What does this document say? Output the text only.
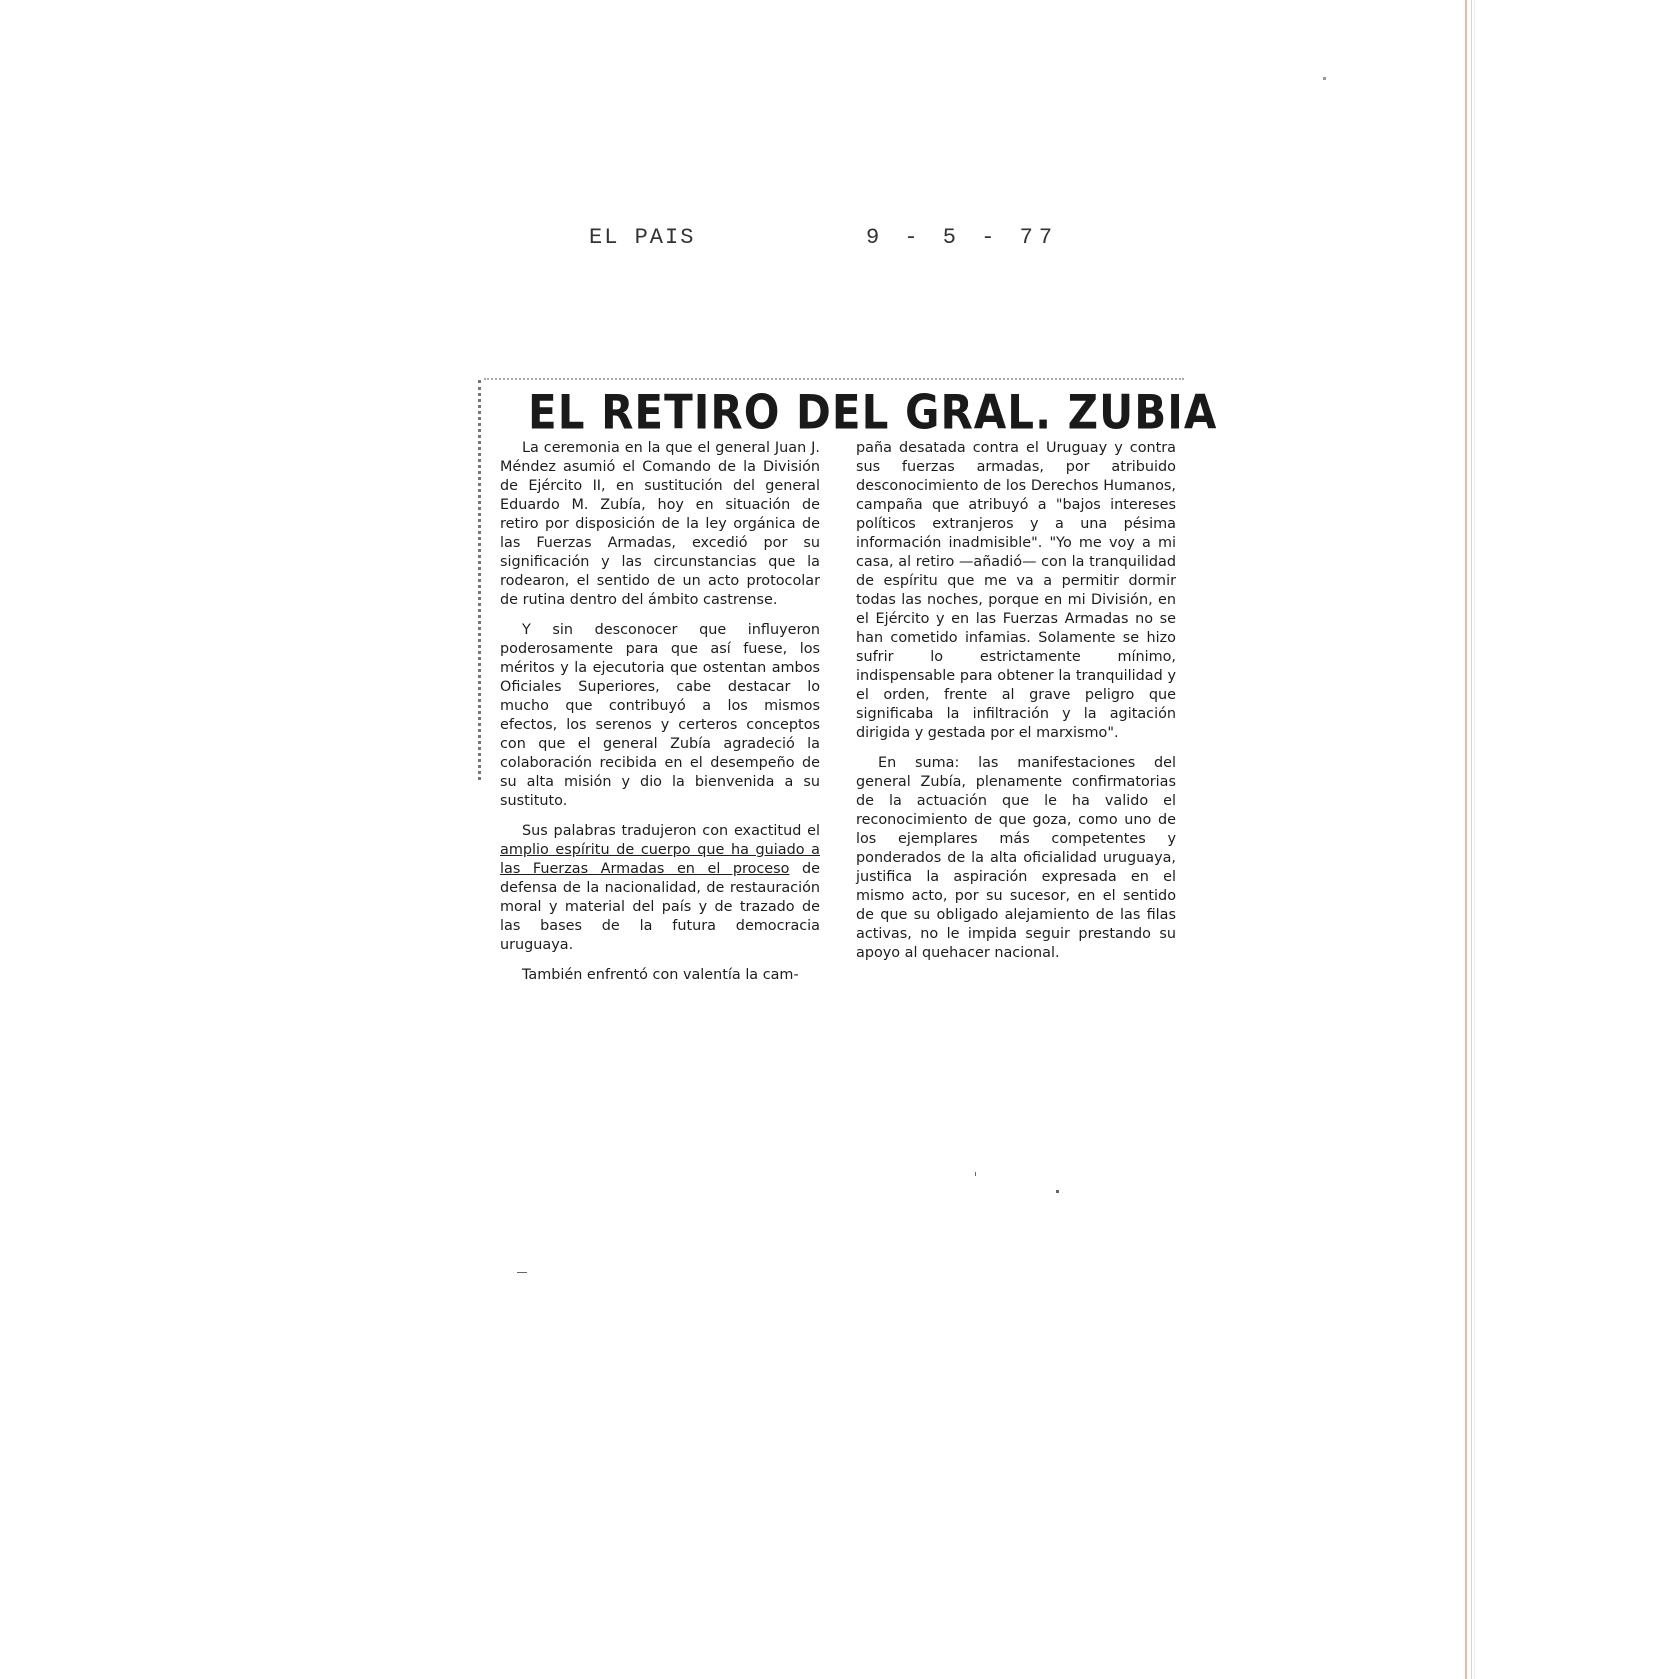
EL PAIS	9 - 5 - 77
EL RETIRO DEL GRAL. ZUBIA

La ceremonia en la que el general Juan J. Méndez asumió el Comando de la División de Ejército II, en sustitución del general Eduardo M. Zubía, hoy en situación de retiro por disposición de la ley orgánica de las Fuerzas Armadas, excedió por su significación y las circunstancias que la rodearon, el sentido de un acto protocolar de rutina dentro del ámbito castrense.

Y sin desconocer que influyeron poderosamente para que así fuese, los méritos y la ejecutoria que ostentan ambos Oficiales Superiores, cabe destacar lo mucho que contribuyó a los mismos efectos, los serenos y certeros conceptos con que el general Zubía agradeció la colaboración recibida en el desempeño de su alta misión y dio la bienvenida a su sustituto.

Sus palabras tradujeron con exactitud el amplio espíritu de cuerpo que ha guiado a las Fuerzas Armadas en el proceso de defensa de la nacionalidad, de restauración moral y material del país y de trazado de las bases de la futura democracia uruguaya.

También enfrentó con valentía la cam-

paña desatada contra el Uruguay y contra sus fuerzas armadas, por atribuido desconocimiento de los Derechos Humanos, campaña que atribuyó a "bajos intereses políticos extranjeros y a una pésima información inadmisible". "Yo me voy a mi casa, al retiro —añadió— con la tranquilidad de espíritu que me va a permitir dormir todas las noches, porque en mi División, en el Ejército y en las Fuerzas Armadas no se han cometido infamias. Solamente se hizo sufrir lo estrictamente mínimo, indispensable para obtener la tranquilidad y el orden, frente al grave peligro que significaba la infiltración y la agitación dirigida y gestada por el marxismo".

En suma: las manifestaciones del general Zubía, plenamente confirmatorias de la actuación que le ha valido el reconocimiento de que goza, como uno de los ejemplares más competentes y ponderados de la alta oficialidad uruguaya, justifica la aspiración expresada en el mismo acto, por su sucesor, en el sentido de que su obligado alejamiento de las filas activas, no le impida seguir prestando su apoyo al quehacer nacional.
